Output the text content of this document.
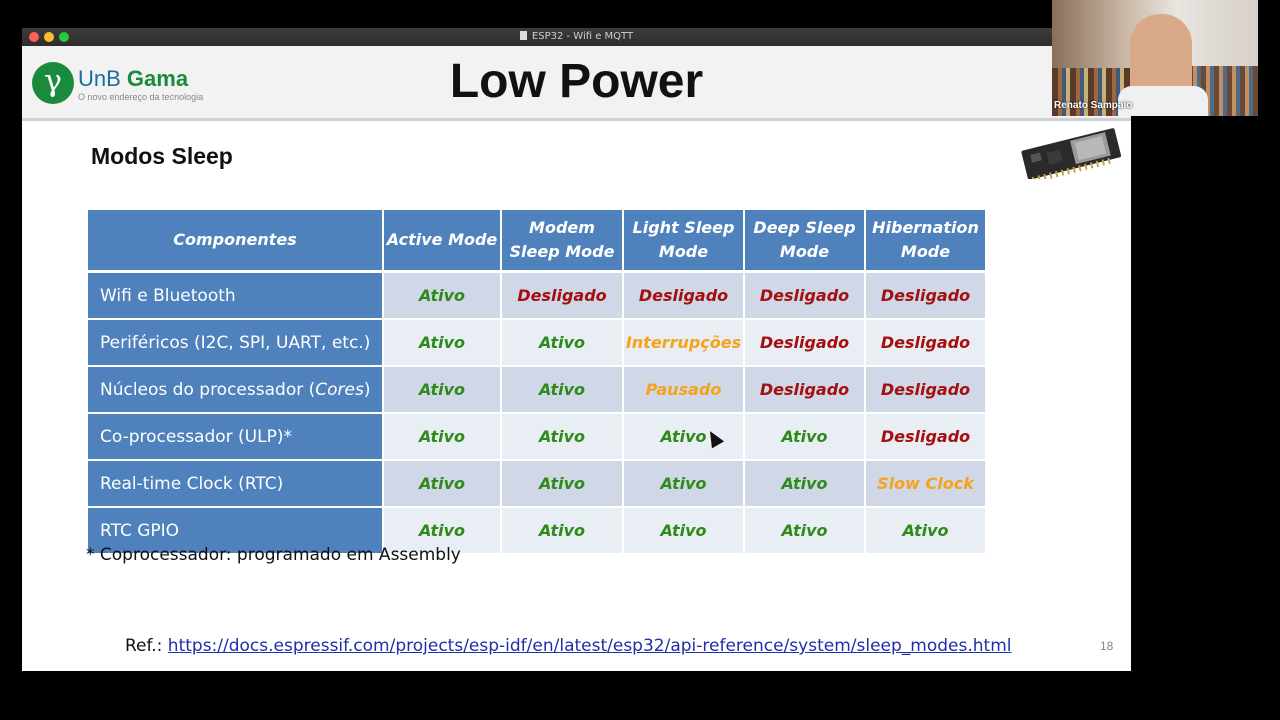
ESP32 - Wifi e MQTT
γ UnB Gama
O novo endereço da tecnologia	Low Power
Modos Sleep
Componentes	Active Mode	Modem Sleep Mode	Light Sleep Mode	Deep Sleep Mode	Hibernation Mode
Wifi e Bluetooth	Ativo	Desligado	Desligado	Desligado	Desligado
Periféricos (I2C, SPI, UART, etc.)	Ativo	Ativo	Interrupções	Desligado	Desligado
Núcleos do processador (Cores)	Ativo	Ativo	Pausado	Desligado	Desligado
Co-processador (ULP)*	Ativo	Ativo	Ativo	Ativo	Desligado
Real-time Clock (RTC)	Ativo	Ativo	Ativo	Ativo	Slow Clock
RTC GPIO	Ativo	Ativo	Ativo	Ativo	Ativo
* Coprocessador: programado em Assembly
Ref.: https://docs.espressif.com/projects/esp-idf/en/latest/esp32/api-reference/system/sleep_modes.html	18
Renato Sampaio
